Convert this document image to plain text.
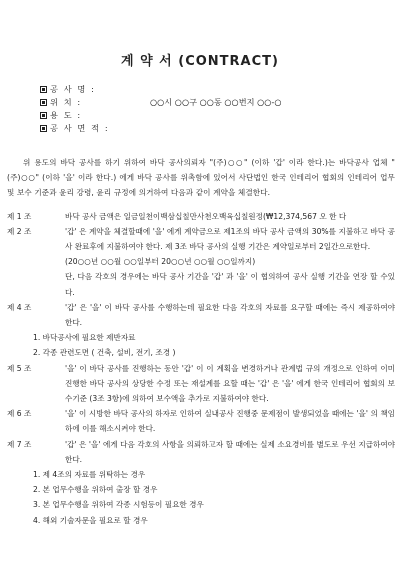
계 약 서 (CONTRACT)
공 사 명 :
위 치 :	○○시 ○○구 ○○동 ○○번지 ○○-○
용 도 :
공 사 면 적 :

위 용도의 바닥 공사를 하기 위하여 바닥 공사의뢰자 "(주)○○" (이하 '갑' 이라 한다.)는 바닥공사 업체 "(주)○○" (이하 '을' 이라 한다.) 에게 바닥 공사를 위촉함에 있어서 사단법인 한국 인테리어 협회의 인테리어 업무 및 보수 기준과 윤리 강령, 윤리 규정에 의거하여 다음과 같이 계약을 체결한다.

제 1 조	바닥 공사 금액은 일금일천이백삼십칠만사천오백육십칠원정(₩12,374,567 오 한 다

제 2 조	'갑' 은 계약을 체결할때에 '을' 에게 계약금으로 제1조의 바닥 공사 금액의 30%를 지불하고 바닥 공사 완료후에 지불하여야 한다. 제 3조 바닥 공사의 실행 기간은 계약일로부터 2일간으로한다.

(20○○년 ○○월 ○○일부터 20○○년 ○○월 ○○일까지)

단, 다음 각호의 경우에는 바닥 공사 기간을 '갑' 과 '을' 이 협의하여 공사 실행 기간을 연장 할 수있다.

제 4 조	'갑' 은 '을' 이 바닥 공사를 수행하는데 필요한 다음 각호의 자료를 요구할 때에는 즉시 제공하여야 한다.

1. 바닥공사에 필요한 제반자료

2. 각종 관련도면 ( 건축, 설비, 전기, 조경 )

제 5 조	'을' 이 바닥 공사를 진행하는 동안 '갑' 이 이 계획을 변경하거나 관계법 규의 개정으로 인하여 이미 진행한 바닥 공사의 상당한 수정 또는 재설계를 요할 때는 '갑' 은 '을' 에게 한국 인테리어 협회의 보수기준 (3조 3항)에 의하여 보수액을 추가로 지불하여야 한다.

제 6 조	'을' 이 시방한 바닥 공사의 하자로 인하여 실내공사 진행중 문제점이 발생되었을 때에는 '을' 의 책임하에 이를 해소시켜야 한다.

제 7 조	'갑' 은 '을' 에게 다음 각호의 사항을 의뢰하고자 할 때에는 실제 소요경비를 별도로 우선 지급하여야 한다.

1. 제 4조의 자료를 위탁하는 경우

2. 본 업무수행을 위하여 출장 할 경우

3. 본 업무수행을 위하여 각종 시험등이 필요한 경우

4. 해외 기술자문을 필요로 할 경우
